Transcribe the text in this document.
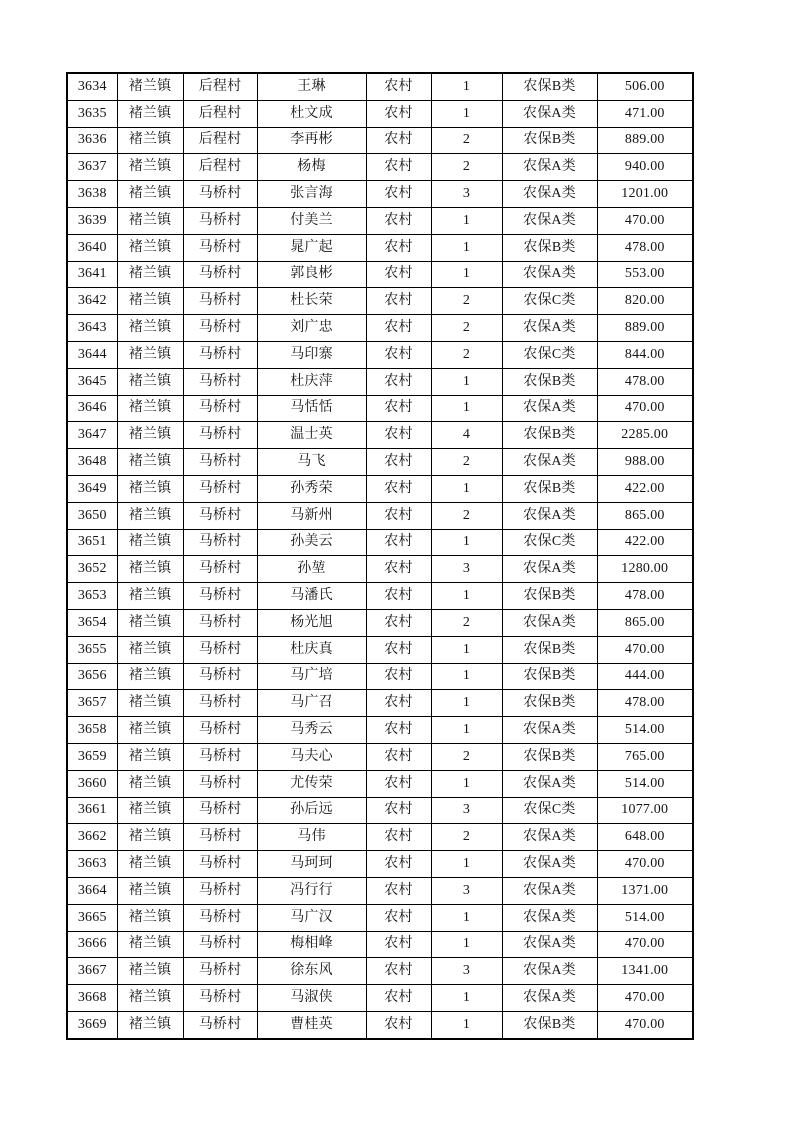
3634	褚兰镇	后程村	王琳	农村	1	农保B类	506.00
3635	褚兰镇	后程村	杜文成	农村	1	农保A类	471.00
3636	褚兰镇	后程村	李再彬	农村	2	农保B类	889.00
3637	褚兰镇	后程村	杨梅	农村	2	农保A类	940.00
3638	褚兰镇	马桥村	张言海	农村	3	农保A类	1201.00
3639	褚兰镇	马桥村	付美兰	农村	1	农保A类	470.00
3640	褚兰镇	马桥村	晁广起	农村	1	农保B类	478.00
3641	褚兰镇	马桥村	郭良彬	农村	1	农保A类	553.00
3642	褚兰镇	马桥村	杜长荣	农村	2	农保C类	820.00
3643	褚兰镇	马桥村	刘广忠	农村	2	农保A类	889.00
3644	褚兰镇	马桥村	马印寨	农村	2	农保C类	844.00
3645	褚兰镇	马桥村	杜庆萍	农村	1	农保B类	478.00
3646	褚兰镇	马桥村	马恬恬	农村	1	农保A类	470.00
3647	褚兰镇	马桥村	温士英	农村	4	农保B类	2285.00
3648	褚兰镇	马桥村	马飞	农村	2	农保A类	988.00
3649	褚兰镇	马桥村	孙秀荣	农村	1	农保B类	422.00
3650	褚兰镇	马桥村	马新州	农村	2	农保A类	865.00
3651	褚兰镇	马桥村	孙美云	农村	1	农保C类	422.00
3652	褚兰镇	马桥村	孙堃	农村	3	农保A类	1280.00
3653	褚兰镇	马桥村	马潘氏	农村	1	农保B类	478.00
3654	褚兰镇	马桥村	杨光旭	农村	2	农保A类	865.00
3655	褚兰镇	马桥村	杜庆真	农村	1	农保B类	470.00
3656	褚兰镇	马桥村	马广培	农村	1	农保B类	444.00
3657	褚兰镇	马桥村	马广召	农村	1	农保B类	478.00
3658	褚兰镇	马桥村	马秀云	农村	1	农保A类	514.00
3659	褚兰镇	马桥村	马夫心	农村	2	农保B类	765.00
3660	褚兰镇	马桥村	尤传荣	农村	1	农保A类	514.00
3661	褚兰镇	马桥村	孙后远	农村	3	农保C类	1077.00
3662	褚兰镇	马桥村	马伟	农村	2	农保A类	648.00
3663	褚兰镇	马桥村	马珂珂	农村	1	农保A类	470.00
3664	褚兰镇	马桥村	冯行行	农村	3	农保A类	1371.00
3665	褚兰镇	马桥村	马广汉	农村	1	农保A类	514.00
3666	褚兰镇	马桥村	梅相峰	农村	1	农保A类	470.00
3667	褚兰镇	马桥村	徐东风	农村	3	农保A类	1341.00
3668	褚兰镇	马桥村	马淑侠	农村	1	农保A类	470.00
3669	褚兰镇	马桥村	曹桂英	农村	1	农保B类	470.00
